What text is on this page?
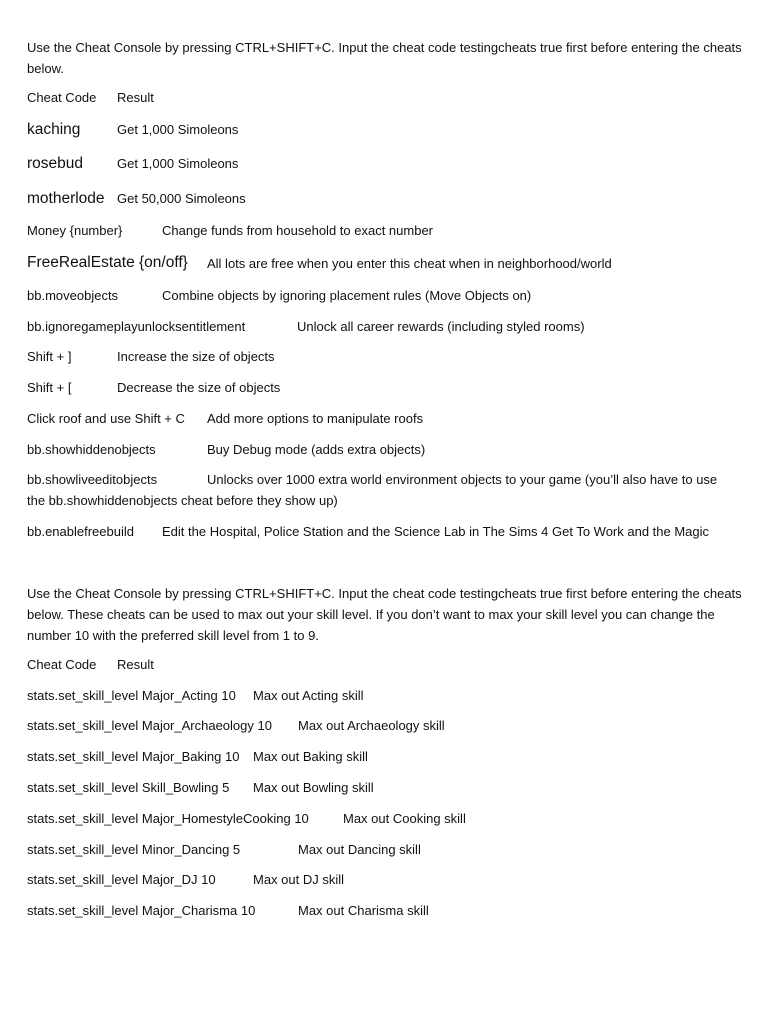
Use the Cheat Console by pressing CTRL+SHIFT+C. Input the cheat code testingcheats true first before entering the cheats below.
Cheat Code Result
kaching	Get 1,000 Simoleons
rosebud	Get 1,000 Simoleons
motherlode Get 50,000 Simoleons
Money {number}	Change funds from household to exact number
FreeRealEstate {on/off} All lots are free when you enter this cheat when in neighborhood/world
bb.moveobjects	Combine objects by ignoring placement rules (Move Objects on)
bb.ignoregameplayunlocksentitlement	Unlock all career rewards (including styled rooms)
Shift + ]	Increase the size of objects
Shift + [	Decrease the size of objects
Click roof and use Shift + C Add more options to manipulate roofs
bb.showhiddenobjects	Buy Debug mode (adds extra objects)
bb.showliveeditobjects	Unlocks over 1000 extra world environment objects to your game (you’ll also have to use
the bb.showhiddenobjects cheat before they show up)
bb.enablefreebuild Edit the Hospital, Police Station and the Science Lab in The Sims 4 Get To Work and the Magic
Use the Cheat Console by pressing CTRL+SHIFT+C. Input the cheat code testingcheats true first before entering the cheats below. These cheats can be used to max out your skill level. If you don’t want to max your skill level you can change the number 10 with the preferred skill level from 1 to 9.
Cheat Code Result
stats.set_skill_level Major_Acting 10 Max out Acting skill
stats.set_skill_level Major_Archaeology 10 Max out Archaeology skill
stats.set_skill_level Major_Baking 10 Max out Baking skill
stats.set_skill_level Skill_Bowling 5 Max out Bowling skill
stats.set_skill_level Major_HomestyleCooking 10	Max out Cooking skill
stats.set_skill_level Minor_Dancing 5	Max out Dancing skill
stats.set_skill_level Major_DJ 10	Max out DJ skill
stats.set_skill_level Major_Charisma 10	Max out Charisma skill
